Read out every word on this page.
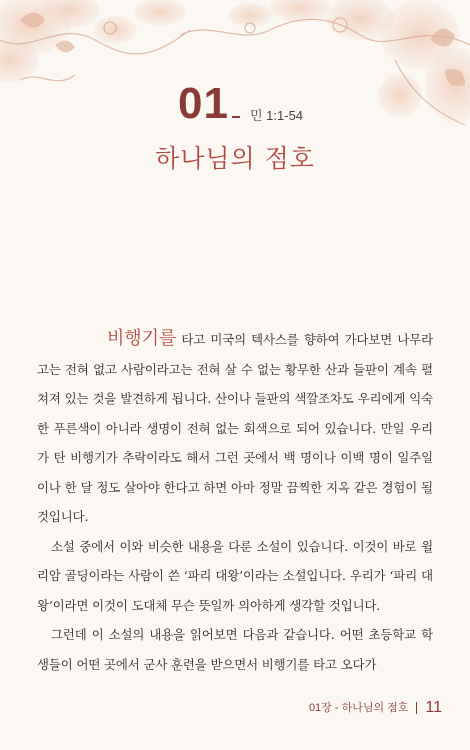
01	민 1:1-54
하나님의 점호

비행기를 타고 미국의 텍사스를 향하여 가다보면 나무라고는 전혀 없고 사람이라고는 전혀 살 수 없는 황무한 산과 들판이 계속 펼쳐져 있는 것을 발견하게 됩니다. 산이나 들판의 색깔조차도 우리에게 익숙한 푸른색이 아니라 생명이 전혀 없는 회색으로 되어 있습니다. 만일 우리가 탄 비행기가 추락이라도 해서 그런 곳에서 백 명이나 이백 명이 일주일이나 한 달 정도 살아야 한다고 하면 아마 정말 끔찍한 지옥 같은 경험이 될 것입니다.

소설 중에서 이와 비슷한 내용을 다룬 소설이 있습니다. 이것이 바로 윌리암 골딩이라는 사람이 쓴 ‘파리 대왕’이라는 소설입니다. 우리가 ‘파리 대왕’이라면 이것이 도대체 무슨 뜻일까 의아하게 생각할 것입니다.

그런데 이 소설의 내용을 읽어보면 다음과 같습니다. 어떤 초등학교 학생들이 어떤 곳에서 군사 훈련을 받으면서 비행기를 타고 오다가

01장 - 하나님의 점호 11
